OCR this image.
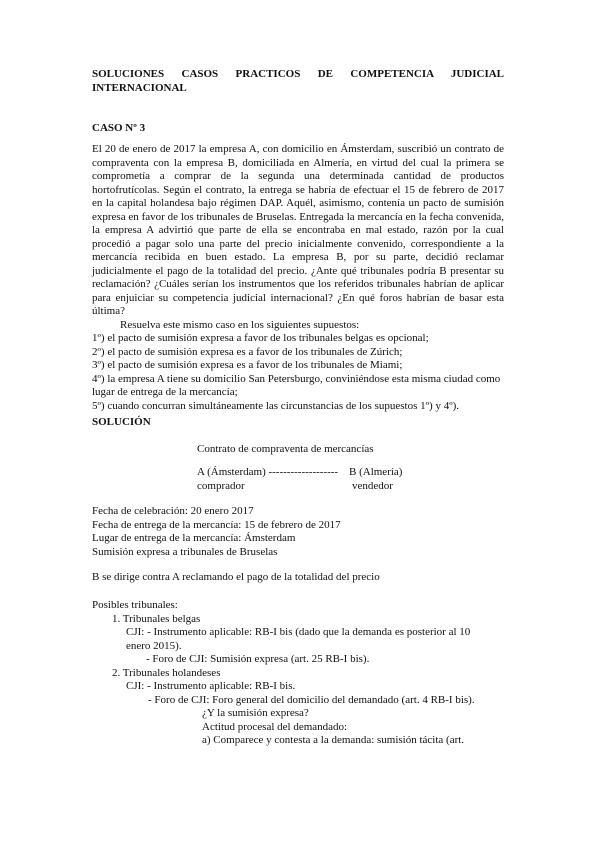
SOLUCIONES CASOS PRACTICOS DE COMPETENCIA JUDICIAL
INTERNACIONAL
CASO Nº 3
El 20 de enero de 2017 la empresa A, con domicilio en Ámsterdam, suscribió un contrato de compraventa con la empresa B, domiciliada en Almería, en virtud del cual la primera se comprometía a comprar de la segunda una determinada cantidad de productos hortofrutícolas. Según el contrato, la entrega se habría de efectuar el 15 de febrero de 2017 en la capital holandesa bajo régimen DAP. Aquél, asimismo, contenía un pacto de sumisión expresa en favor de los tribunales de Bruselas. Entregada la mercancía en la fecha convenida, la empresa A advirtió que parte de ella se encontraba en mal estado, razón por la cual procedió a pagar solo una parte del precio inicialmente convenido, correspondiente a la mercancía recibida en buen estado. La empresa B, por su parte, decidió reclamar judicialmente el pago de la totalidad del precio. ¿Ante qué tribunales podría B presentar su reclamación? ¿Cuáles serían los instrumentos que los referidos tribunales habrían de aplicar para enjuiciar su competencia judicial internacional? ¿En qué foros habrían de basar esta última?
Resuelva este mismo caso en los siguientes supuestos:
1º) el pacto de sumisión expresa a favor de los tribunales belgas es opcional;
2º) el pacto de sumisión expresa es a favor de los tribunales de Zúrich;
3º) el pacto de sumisión expresa es a favor de los tribunales de Miami;
4º) la empresa A tiene su domicilio San Petersburgo, conviniéndose esta misma ciudad como lugar de entrega de la mercancía;
5º) cuando concurran simultáneamente las circunstancias de los supuestos 1º) y 4º).
SOLUCIÓN
Contrato de compraventa de mercancías
A (Ámsterdam) ------------------- B (Almería)
comprador	vendedor
Fecha de celebración: 20 enero 2017
Fecha de entrega de la mercancía: 15 de febrero de 2017
Lugar de entrega de la mercancía: Ámsterdam
Sumisión expresa a tribunales de Bruselas
B se dirige contra A reclamando el pago de la totalidad del precio
Posibles tribunales:
1. Tribunales belgas
CJI: - Instrumento aplicable: RB-I bis (dado que la demanda es posterior al 10
enero 2015).
- Foro de CJI: Sumisión expresa (art. 25 RB-I bis).
2. Tribunales holandeses
CJI: - Instrumento aplicable: RB-I bis.
- Foro de CJI: Foro general del domicilio del demandado (art. 4 RB-I bis).
¿Y la sumisión expresa?
Actitud procesal del demandado:
a) Comparece y contesta a la demanda: sumisión tácita (art.
